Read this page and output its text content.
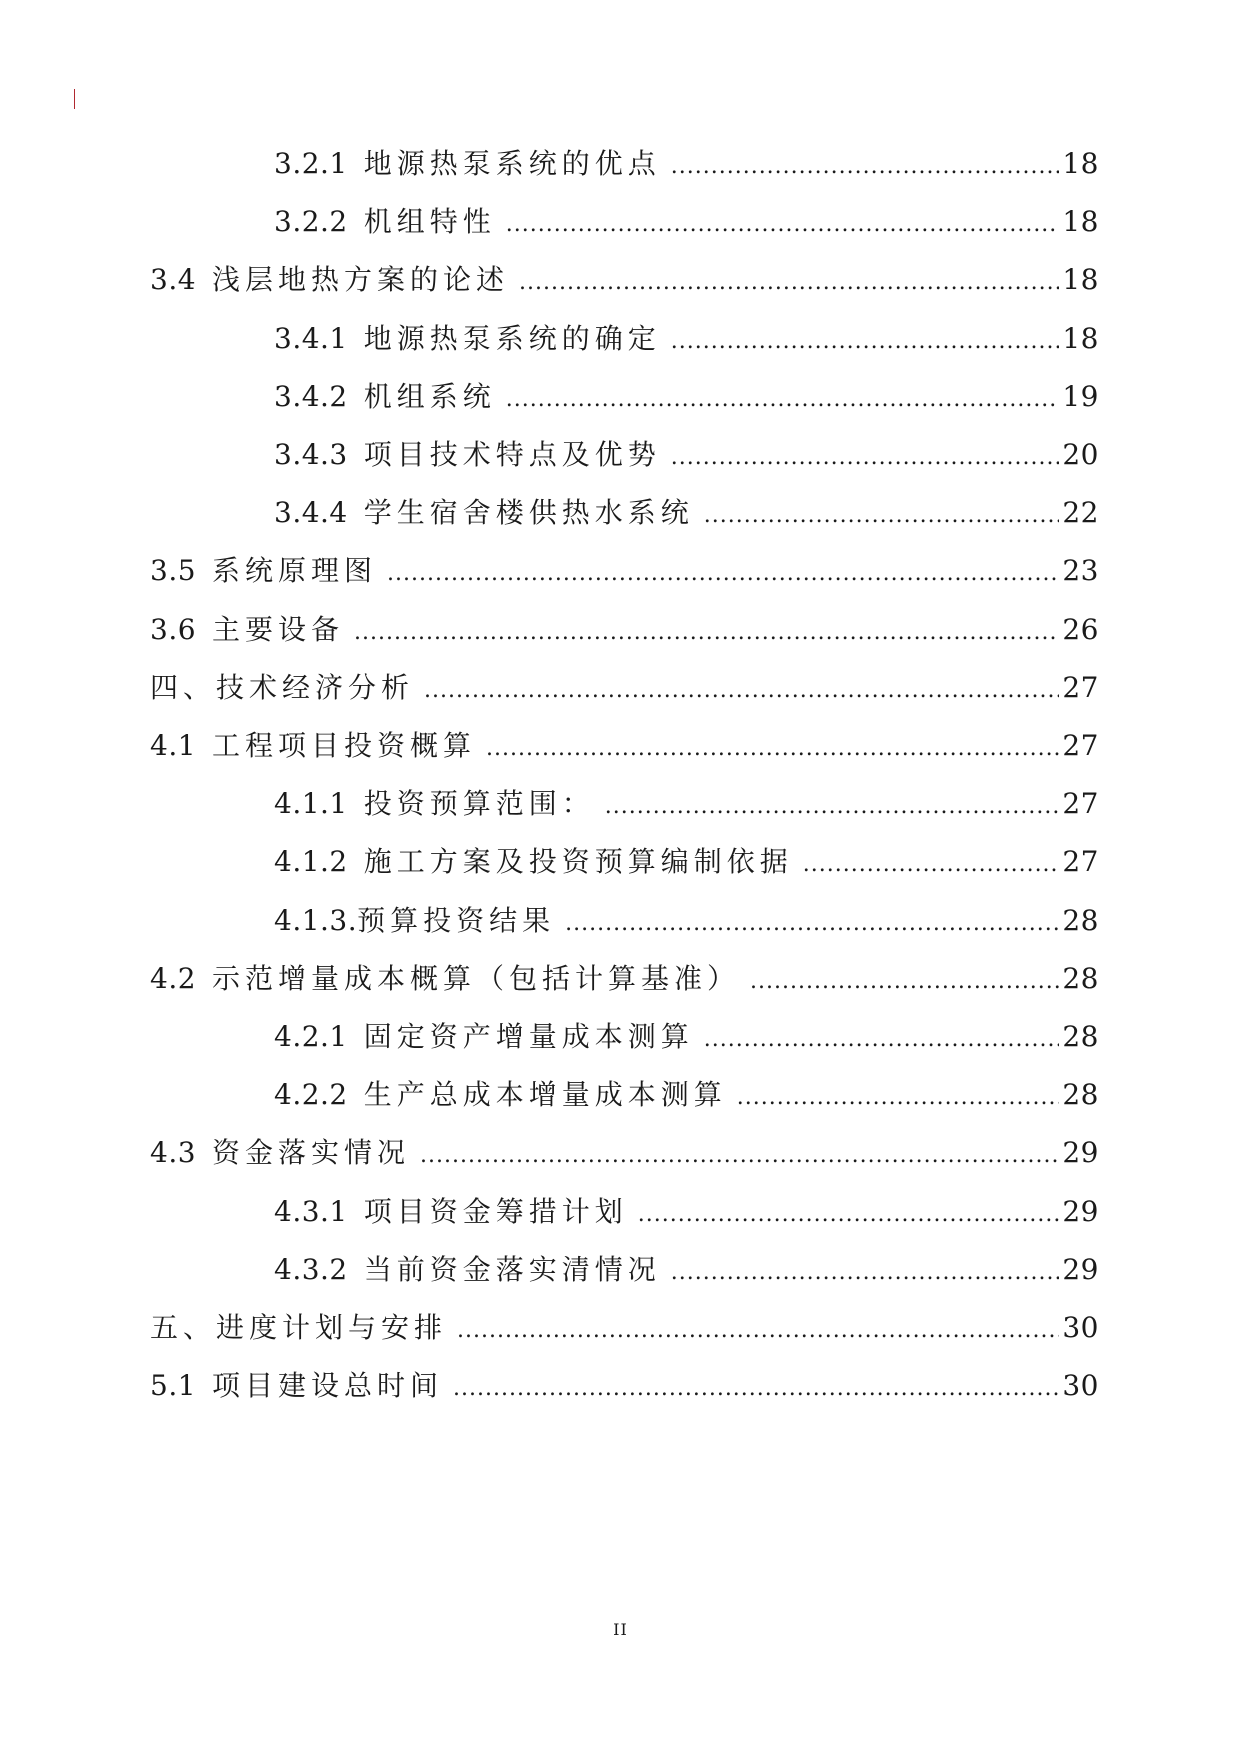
3.2.1 地源热泵系统的优点 .....	18
3.2.2 机组特性 .....	18
3.4 浅层地热方案的论述 .....	18
3.4.1 地源热泵系统的确定 .....	18
3.4.2 机组系统 .....	19
3.4.3 项目技术特点及优势 .....	20
3.4.4 学生宿舍楼供热水系统 .....	22
3.5 系统原理图 .....	23
3.6 主要设备 .....	26
四、技术经济分析 .....	27
4.1 工程项目投资概算 .....	27
4.1.1 投资预算范围： .....	27
4.1.2 施工方案及投资预算编制依据 .....	27
4.1.3. 预算投资结果 .....	28
4.2 示范增量成本概算（包括计算基准） .....	28
4.2.1 固定资产增量成本测算 .....	28
4.2.2 生产总成本增量成本测算 .....	28
4.3 资金落实情况 .....	29
4.3.1 项目资金筹措计划 .....	29
4.3.2 当前资金落实清情况 .....	29
五、进度计划与安排 .....	30
5.1 项目建设总时间 .....	30
II
